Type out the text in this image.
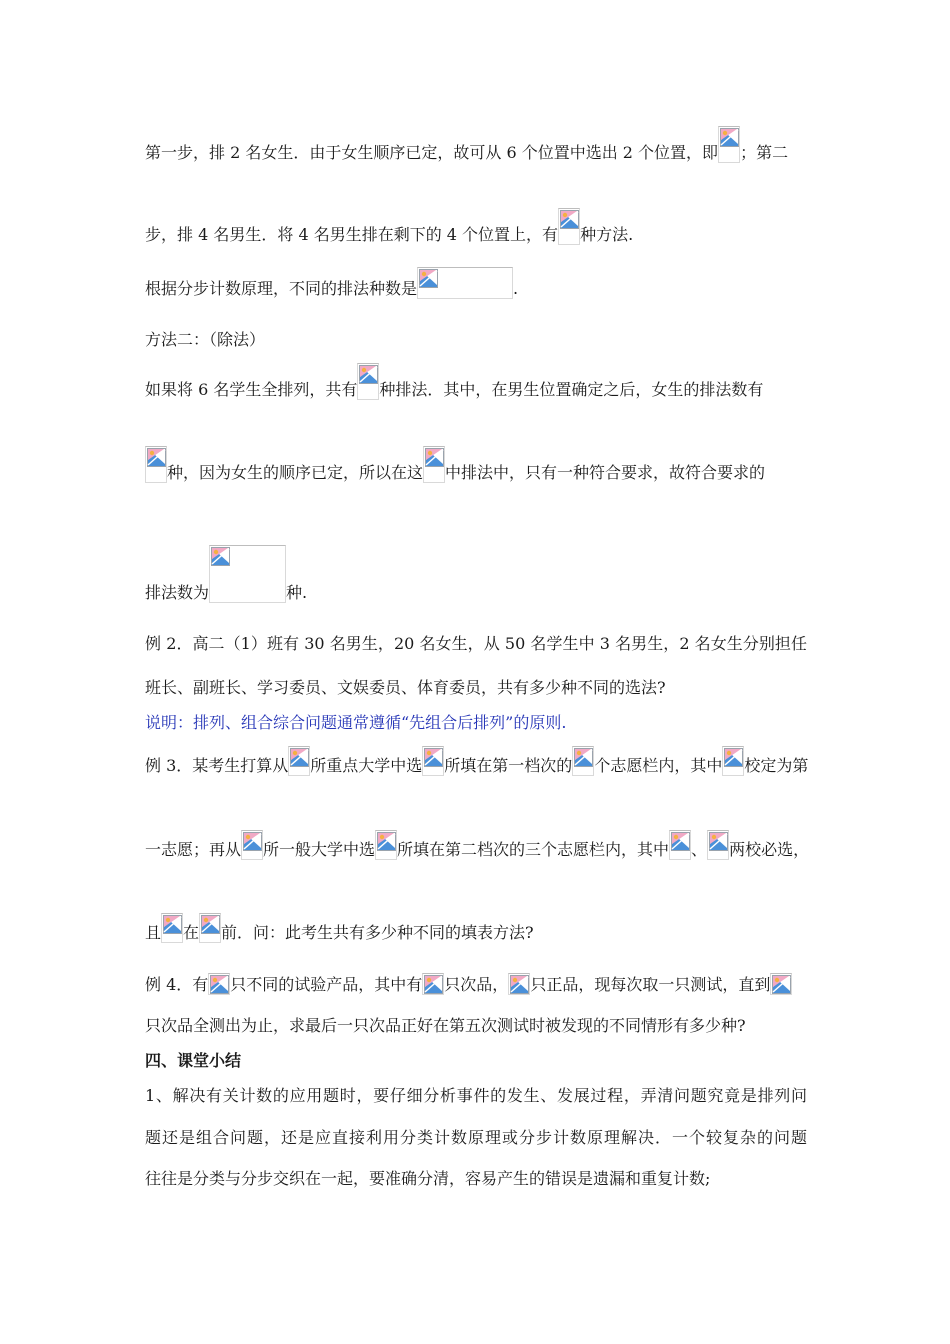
第一步，排 2 名女生．由于女生顺序已定，故可从 6 个位置中选出 2 个位置，即 ；第二
步，排 4 名男生．将 4 名男生排在剩下的 4 个位置上，有 种方法.
根据分步计数原理，不同的排法种数是	.
方法二：（除法）
如果将 6 名学生全排列，共有 种排法．其中，在男生位置确定之后，女生的排法数有
种，因为女生的顺序已定，所以在这 中排法中，只有一种符合要求，故符合要求的
排法数为	种.
例 2．高二（1）班有 30 名男生，20 名女生，从 50 名学生中 3 名男生，2 名女生分别担任
班长、副班长、学习委员、文娱委员、体育委员，共有多少种不同的选法?
说明：排列、组合综合问题通常遵循“先组合后排列”的原则.
例 3．某考生打算从 所重点大学中选 所填在第一档次的 个志愿栏内，其中 校定为第
一志愿；再从 所一般大学中选 所填在第二档次的三个志愿栏内，其中 、 两校必选，
且 在 前．问：此考生共有多少种不同的填表方法?
例 4．有 只不同的试验产品，其中有 只次品， 只正品，现每次取一只测试，直到
只次品全测出为止，求最后一只次品正好在第五次测试时被发现的不同情形有多少种?
四、课堂小结
1、解决有关计数的应用题时，要仔细分析事件的发生、发展过程，弄清问题究竟是排列问
题还是组合问题，还是应直接利用分类计数原理或分步计数原理解决．一个较复杂的问题
往往是分类与分步交织在一起，要准确分清，容易产生的错误是遗漏和重复计数;
